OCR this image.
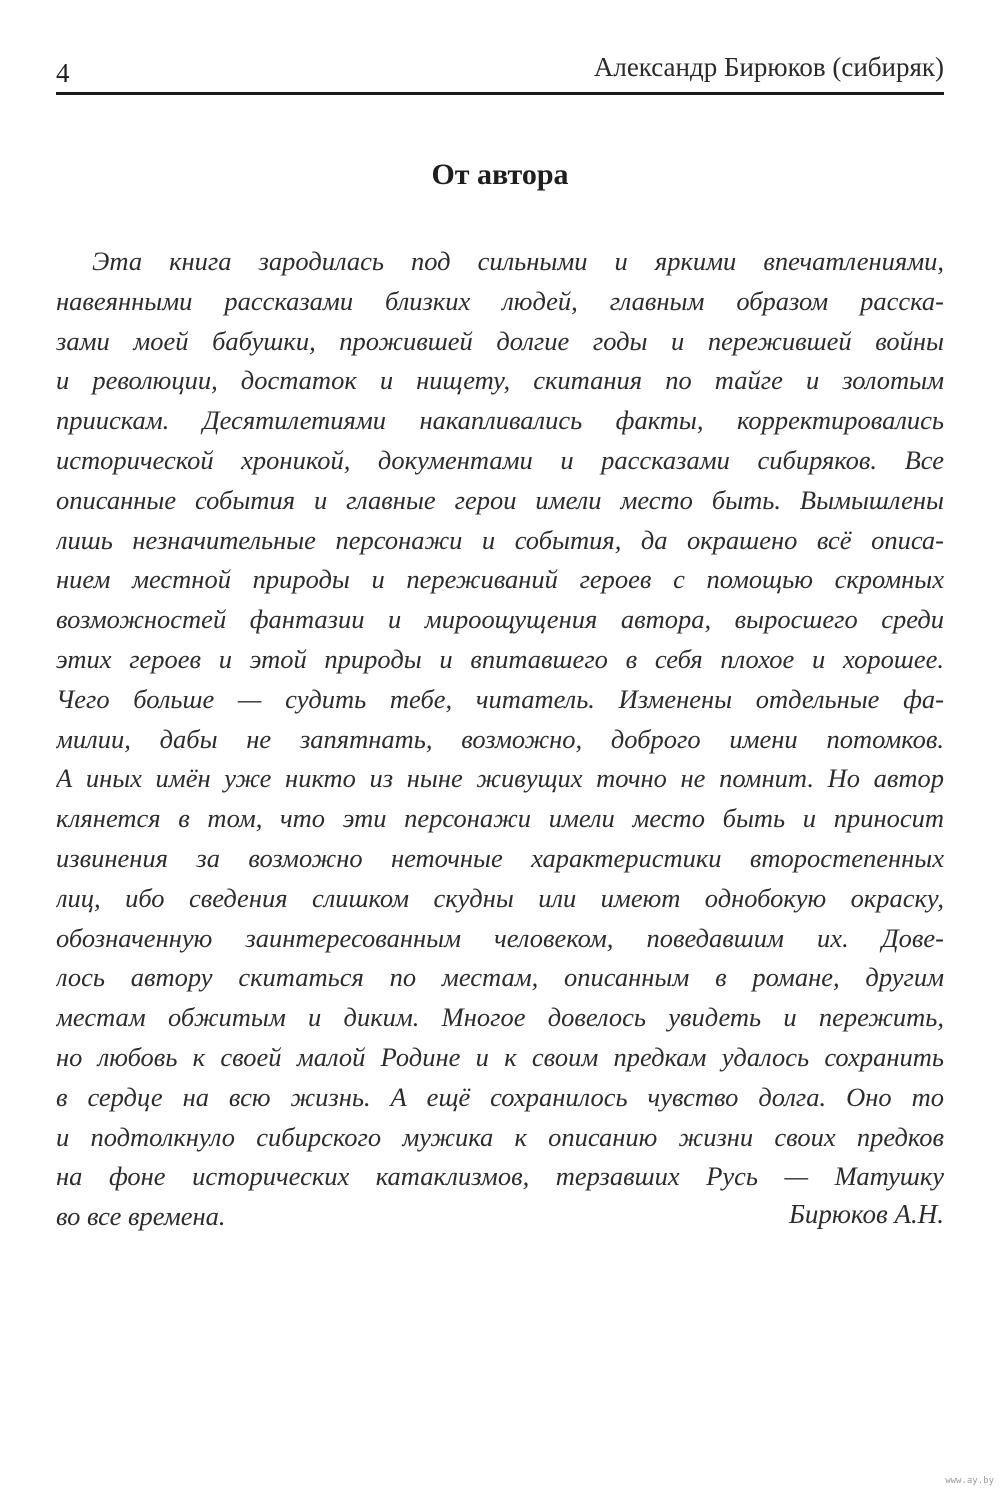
4	Александр Бирюков (сибиряк)
От автора
Эта книга зародилась под сильными и яркими впечатлениями,
навеянными рассказами близких людей, главным образом расска-
зами моей бабушки, прожившей долгие годы и пережившей войны
и революции, достаток и нищету, скитания по тайге и золотым
приискам. Десятилетиями накапливались факты, корректировались
исторической хроникой, документами и рассказами сибиряков. Все
описанные события и главные герои имели место быть. Вымышлены
лишь незначительные персонажи и события, да окрашено всё описа-
нием местной природы и переживаний героев с помощью скромных
возможностей фантазии и мироощущения автора, выросшего среди
этих героев и этой природы и впитавшего в себя плохое и хорошее.
Чего больше — судить тебе, читатель. Изменены отдельные фа-
милии, дабы не запятнать, возможно, доброго имени потомков.
А иных имён уже никто из ныне живущих точно не помнит. Но автор
клянется в том, что эти персонажи имели место быть и приносит
извинения за возможно неточные характеристики второстепенных
лиц, ибо сведения слишком скудны или имеют однобокую окраску,
обозначенную заинтересованным человеком, поведавшим их. Дове-
лось автору скитаться по местам, описанным в романе, другим
местам обжитым и диким. Многое довелось увидеть и пережить,
но любовь к своей малой Родине и к своим предкам удалось сохранить
в сердце на всю жизнь. А ещё сохранилось чувство долга. Оно то
и подтолкнуло сибирского мужика к описанию жизни своих предков
на фоне исторических катаклизмов, терзавших Русь — Матушку
во все времена.	Бирюков А.Н.
www.ay.by
